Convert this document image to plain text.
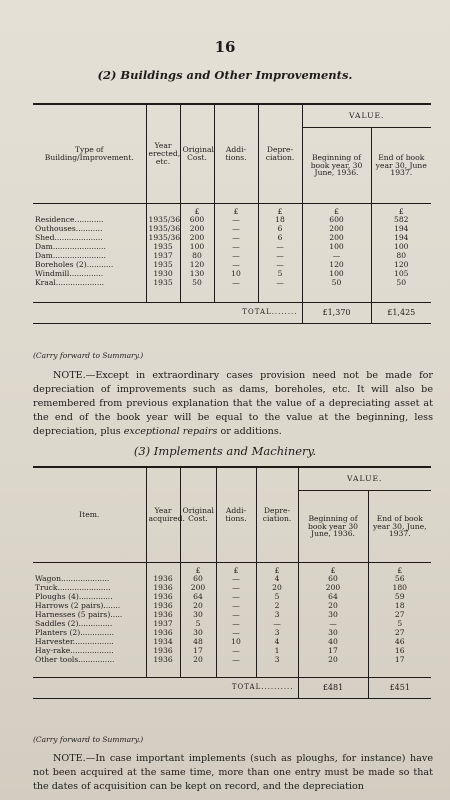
16
(2) Buildings and Other Improvements.
Type of Building/Improvement.	Year erected, etc.	Original Cost.	Addi-tions.	Depre-ciation.	VALUE.	
					Beginning of book year, 30 June, 1936.	End of book year 30, June 1937.

		£	£	£	£	£
Residence............	1935/36	600	—	18	600	582
Outhouses...........	1935/36	200	—	6	200	194
Shed....................	1935/36	200	—	6	200	194
Dam......................	1935	100	—	—	100	100
Dam......................	1937	80	—	—	—	80
Boreholes (2)...........	1935	120	—	—	120	120
Windmill..............	1930	130	10	5	100	105
Kraal....................	1935	50	—	—	50	50

TOTAL........					£1,370	£1,425
(Carry forward to Summary.)
NOTE.—Except in extraordinary cases provision need not be made for depreciation of improvements such as dams, boreholes, etc. It will also be remembered from previous explanation that the value of a depreciating asset at the end of the book year will be equal to the value at the beginning, less depreciation, plus exceptional repairs or additions.
(3) Implements and Machinery.
Item.	Year acquired.	Original Cost.	Addi-tions.	Depre-ciation.	VALUE.	
					Beginning of book year 30 June, 1936.	End of book year 30, June, 1937.

		£	£	£	£	£
Wagon....................	1936	60	—	4	60	56
Truck......................	1936	200	—	20	200	180
Ploughs (4)..............	1936	64	—	5	64	59
Harrows (2 pairs).......	1936	20	—	2	20	18
Harnesses (5 pairs).....	1936	30	—	3	30	27
Saddles (2)..............	1937	5	—	—	—	5
Planters (2)..............	1936	30	—	3	30	27
Harvester.................	1934	48	10	4	40	46
Hay-rake..................	1936	17	—	1	17	16
Other tools...............	1936	20	—	3	20	17

TOTAL..........					£481	£451
(Carry forward to Summary.)
NOTE.—In case important implements (such as ploughs, for instance) have not been acquired at the same time, more than one entry must be made so that the dates of acquisition can be kept on record, and the depreciation
